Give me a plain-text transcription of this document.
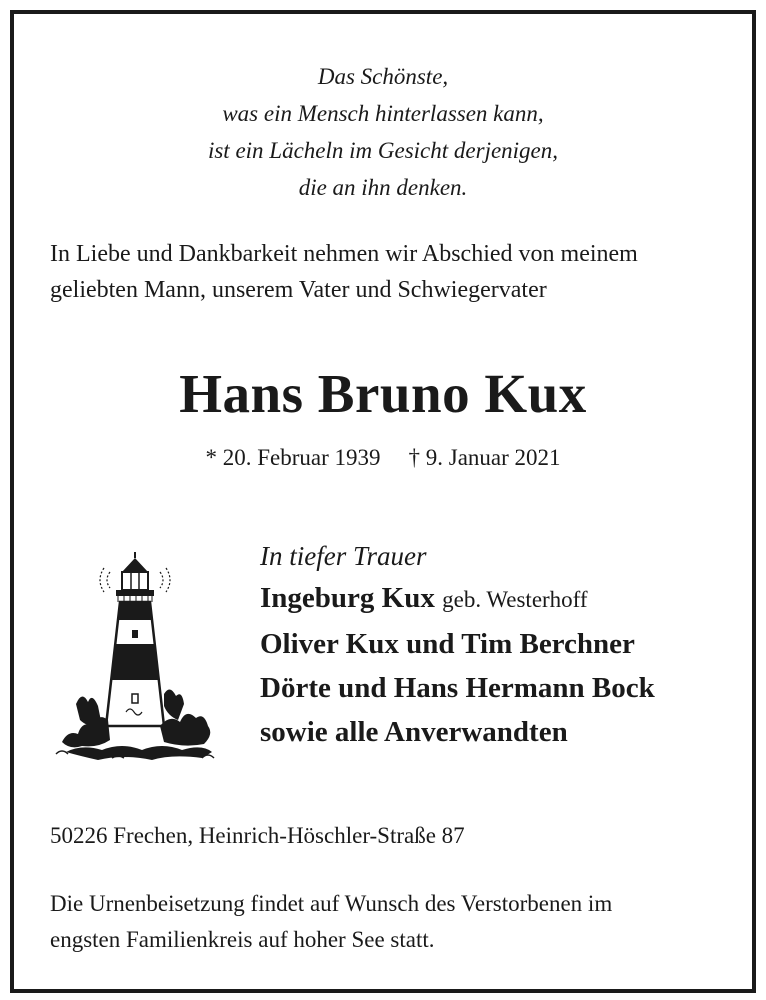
Das Schönste,
was ein Mensch hinterlassen kann,
ist ein Lächeln im Gesicht derjenigen,
die an ihn denken.
In Liebe und Dankbarkeit nehmen wir Abschied von meinem
geliebten Mann, unserem Vater und Schwiegervater
Hans Bruno Kux
* 20. Februar 1939 † 9. Januar 2021
In tiefer Trauer
Ingeburg Kux geb. Westerhoff
Oliver Kux und Tim Berchner
Dörte und Hans Hermann Bock
sowie alle Anverwandten
50226 Frechen, Heinrich-Höschler-Straße 87
Die Urnenbeisetzung findet auf Wunsch des Verstorbenen im
engsten Familienkreis auf hoher See statt.
